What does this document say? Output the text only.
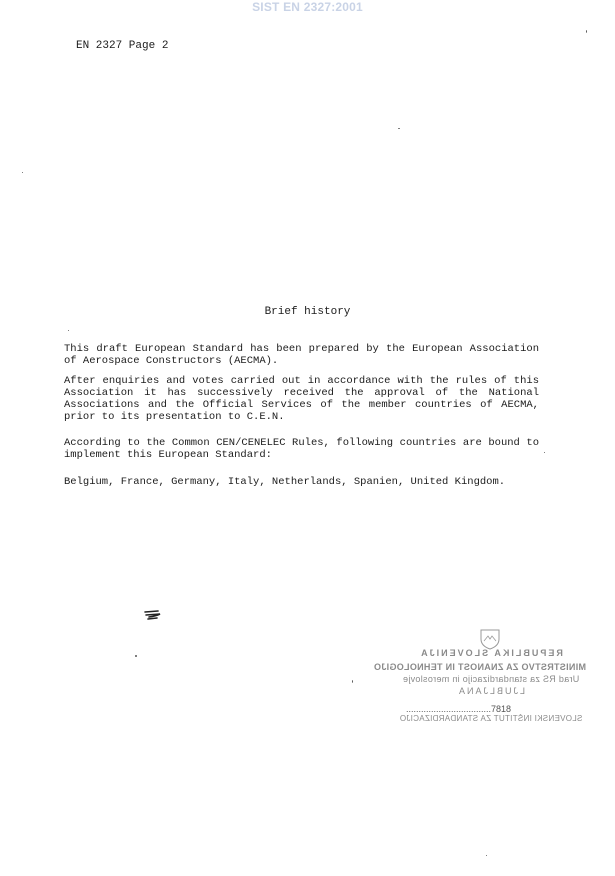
SIST EN 2327:2001
EN 2327 Page 2
Brief history

This draft European Standard has been prepared by the European Association of Aerospace Constructors (AECMA).

After enquiries and votes carried out in accordance with the rules of this Association it has successively received the approval of the National Associations and the Official Services of the member countries of AECMA, prior to its presentation to C.E.N.

According to the Common CEN/CENELEC Rules, following countries are bound to implement this European Standard:

Belgium, France, Germany, Italy, Netherlands, Spanien, United Kingdom.

REPUBLIKA SLOVENIJA
MINISTRSTVO ZA ZNANOST IN TEHNOLOGIJO
Urad RS za standardizacijo in meroslovje
LJUBLJANA
..................................7818
SLOVENSKI INŠTITUT ZA STANDARDIZACIJO
